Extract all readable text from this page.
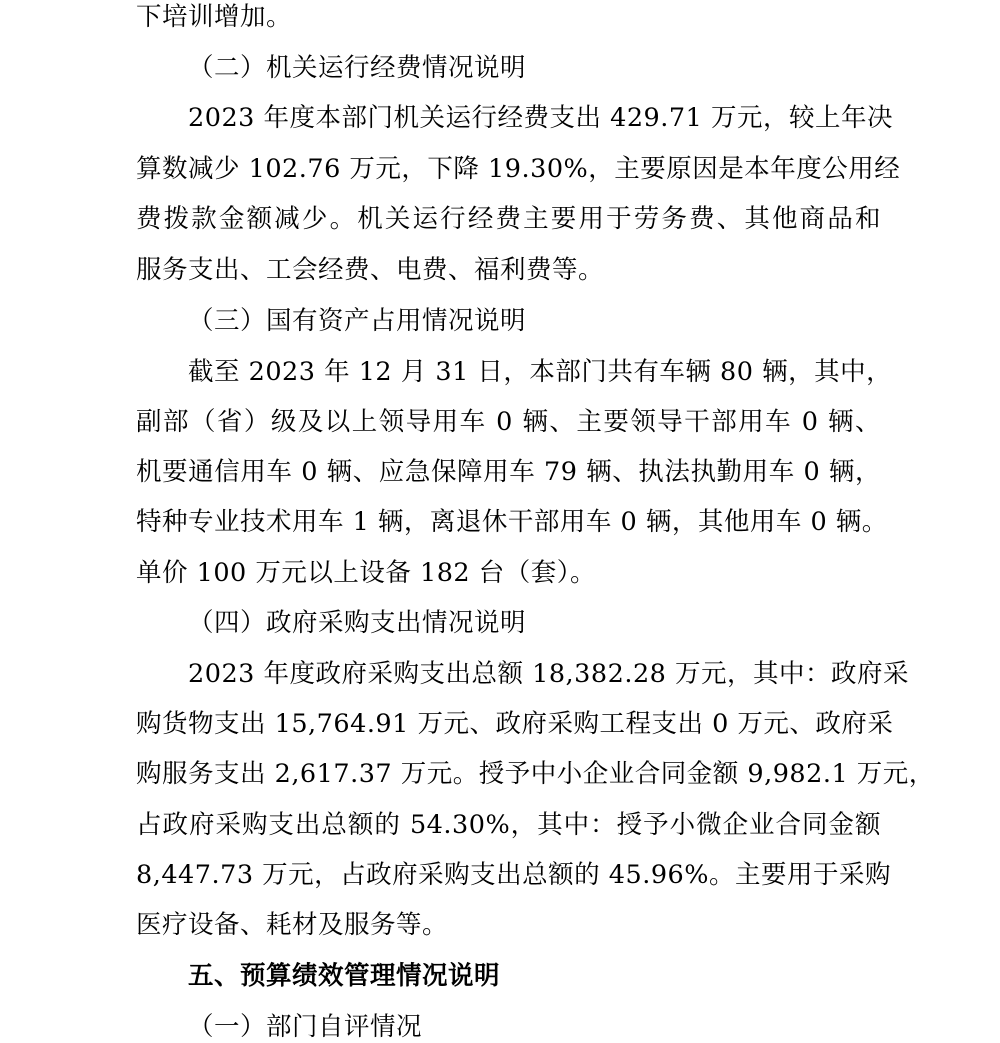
下培训增加。
（二）机关运行经费情况说明
2023 年度本部门机关运行经费支出 429.71 万元，较上年决
算数减少 102.76 万元，下降 19.30%，主要原因是本年度公用经
费拨款金额减少。机关运行经费主要用于劳务费、其他商品和
服务支出、工会经费、电费、福利费等。
（三）国有资产占用情况说明
截至 2023 年 12 月 31 日，本部门共有车辆 80 辆，其中，
副部（省）级及以上领导用车 0 辆、主要领导干部用车 0 辆、
机要通信用车 0 辆、应急保障用车 79 辆、执法执勤用车 0 辆，
特种专业技术用车 1 辆，离退休干部用车 0 辆，其他用车 0 辆。
单价 100 万元以上设备 182 台（套）。
（四）政府采购支出情况说明
2023 年度政府采购支出总额 18,382.28 万元，其中：政府采
购货物支出 15,764.91 万元、政府采购工程支出 0 万元、政府采
购服务支出 2,617.37 万元。授予中小企业合同金额 9,982.1 万元，
占政府采购支出总额的 54.30%，其中：授予小微企业合同金额
8,447.73 万元，占政府采购支出总额的 45.96%。主要用于采购
医疗设备、耗材及服务等。
五、预算绩效管理情况说明
（一）部门自评情况
